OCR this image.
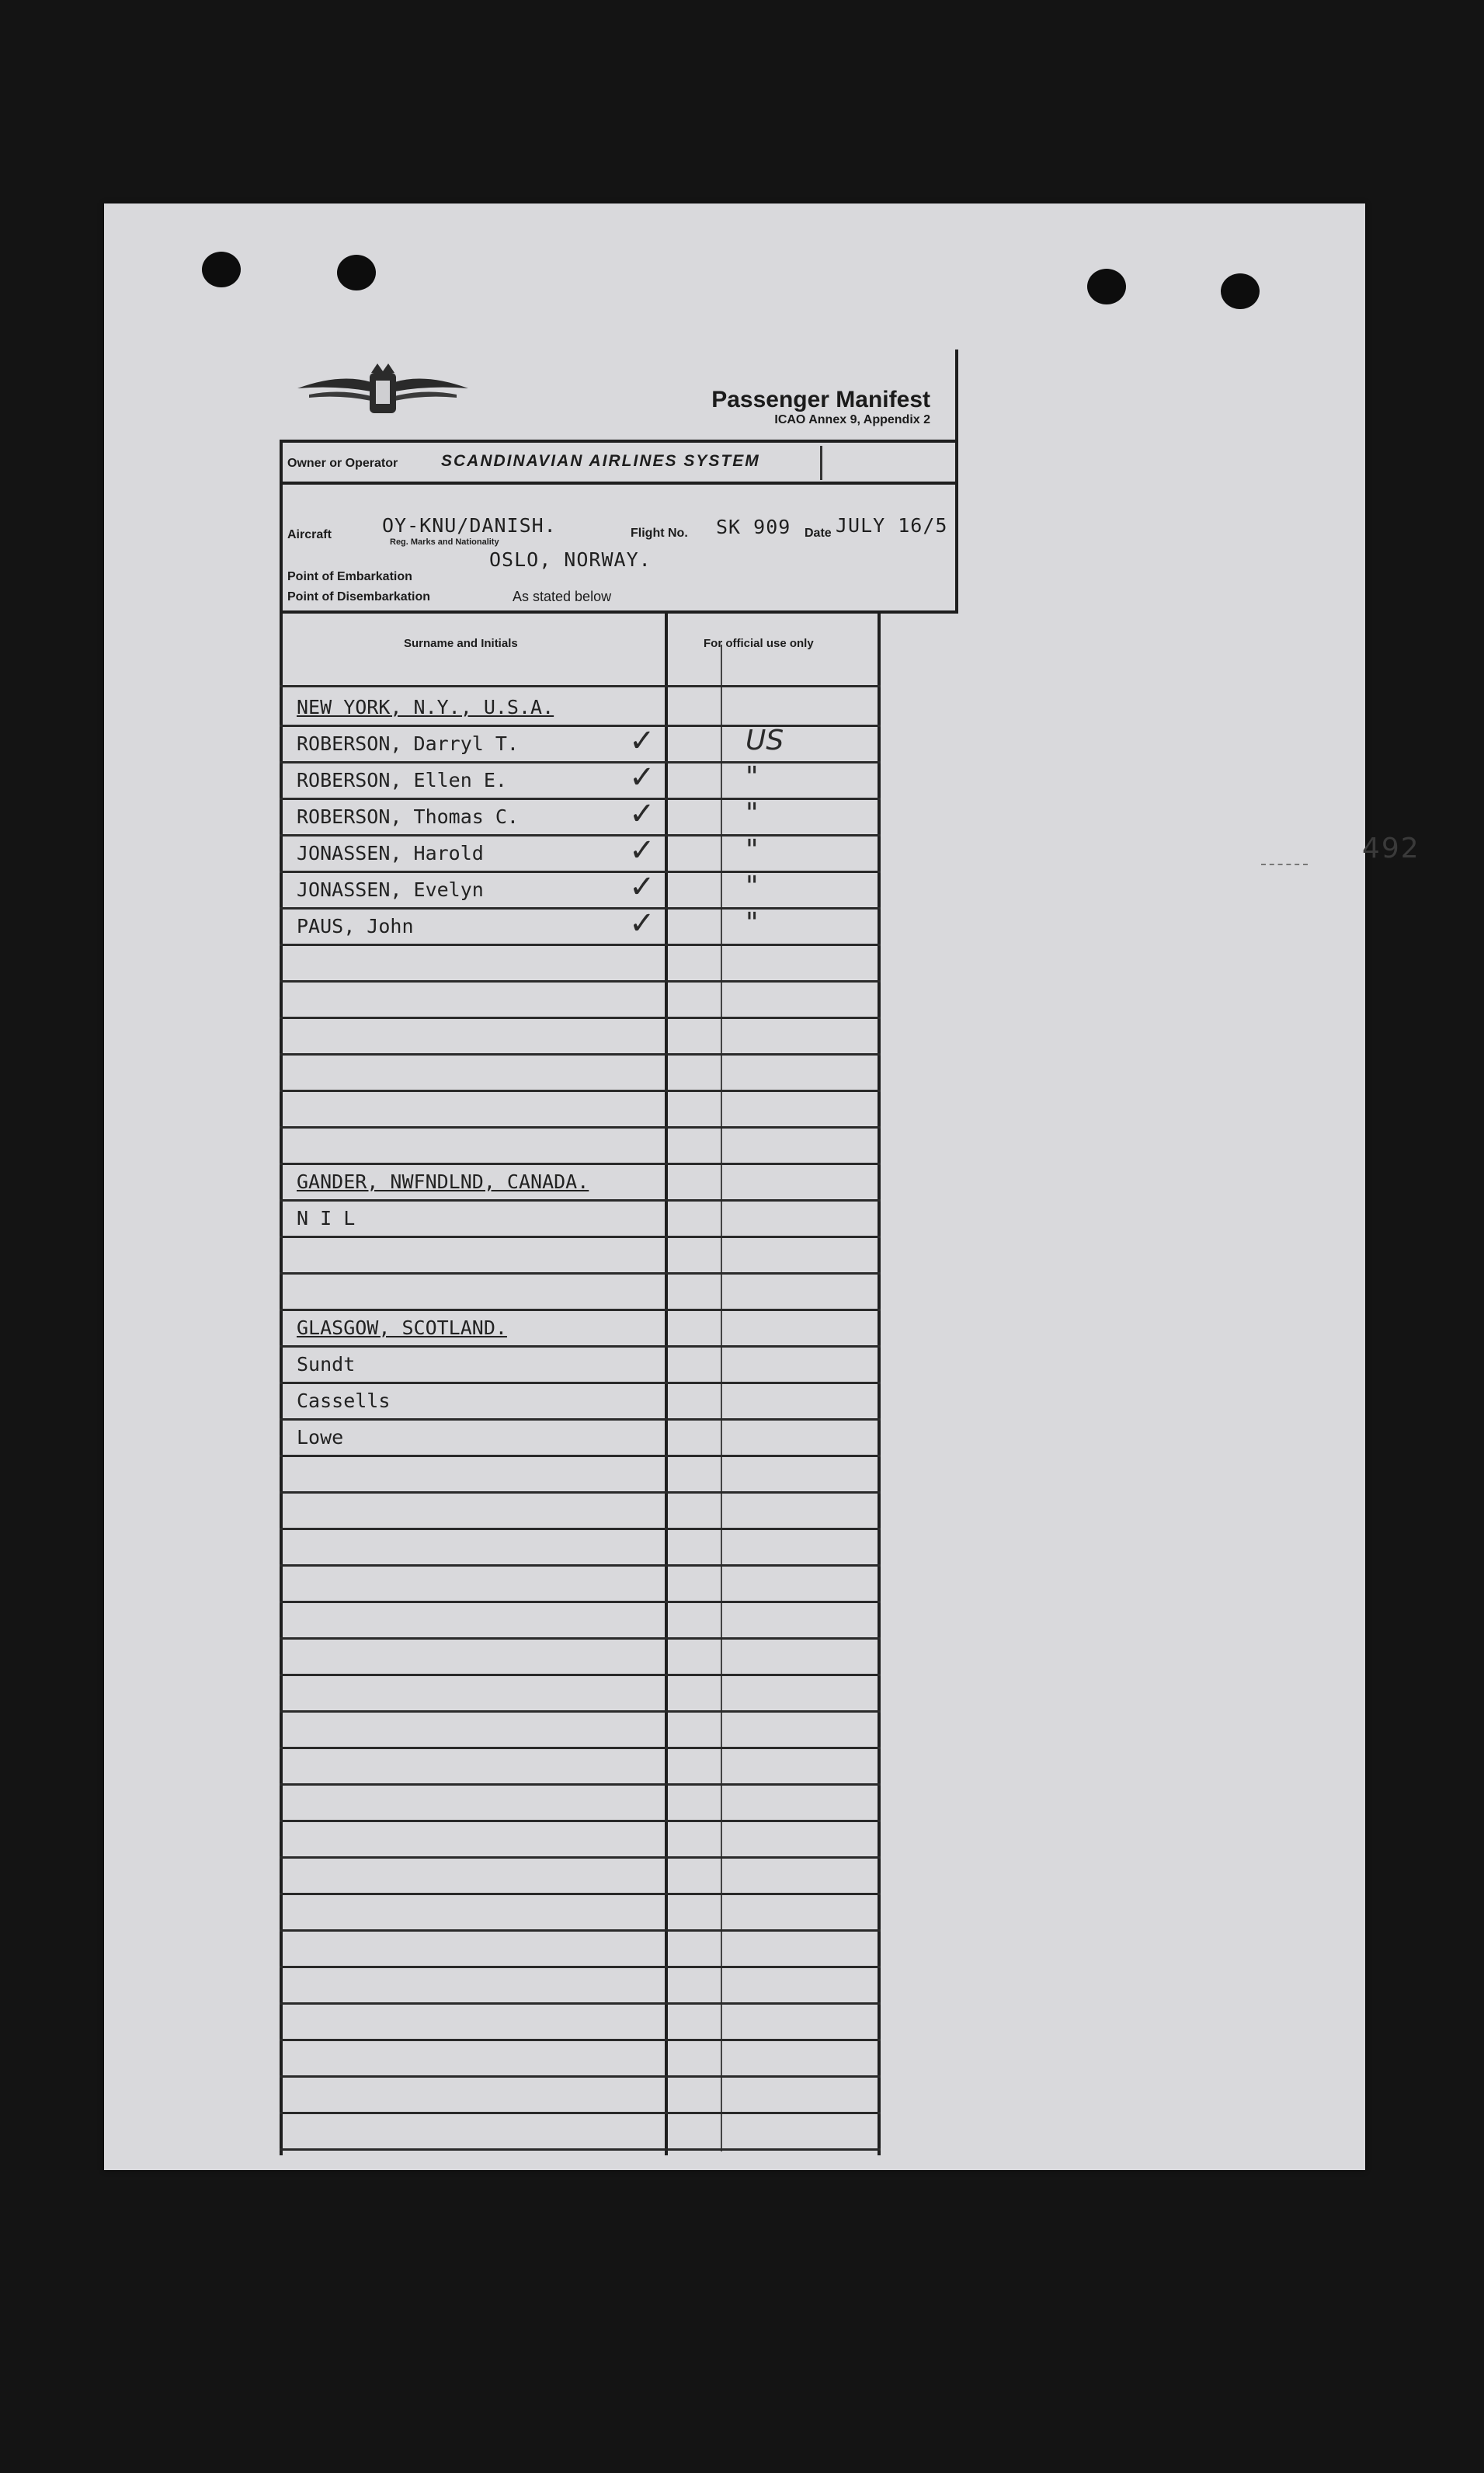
492
Passenger Manifest
ICAO Annex 9, Appendix 2
Owner or Operator	SCANDINAVIAN AIRLINES SYSTEM
Aircraft	OY-KNU/DANISH.
Reg. Marks and Nationality
Flight No. SK 909 Date JULY 16/5
Point of Embarkation
OSLO, NORWAY.
Point of Disembarkation	As stated below
Surname and Initials	For official use only
NEW YORK, N.Y., U.S.A.
ROBERSON, Darryl T.	✓	US
ROBERSON, Ellen E.	✓	"
ROBERSON, Thomas C.	✓	"
JONASSEN, Harold	✓	"
JONASSEN, Evelyn	✓	"
PAUS, John	✓	"
GANDER, NWFNDLND, CANADA.
N I L
GLASGOW, SCOTLAND.
Sundt
Cassells
Lowe
